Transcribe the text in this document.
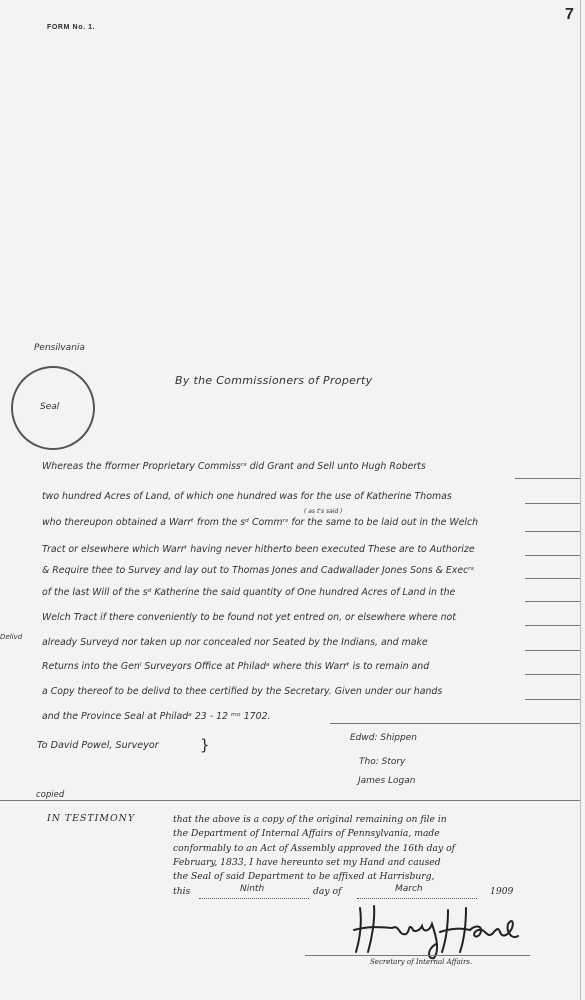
FORM No. 1.
7
Pensilvania
Seal
By the Commissioners of Property
Whereas the fformer Proprietary Commissʳˢ did Grant and Sell unto Hugh Roberts
two hundred Acres of Land, of which one hundred was for the use of Katherine Thomas
( as t's said )
who thereupon obtained a Warrᵗ from the sᵈ Commʳˢ for the same to be laid out in the Welch
Tract or elsewhere which Warrᵗ having never hitherto been executed These are to Authorize
& Require thee to Survey and lay out to Thomas Jones and Cadwallader Jones Sons & Execʳˢ
of the last Will of the sᵈ Katherine the said quantity of One hundred Acres of Land in the
Welch Tract if there conveniently to be found not yet entred on, or elsewhere where not
already Surveyd nor taken up nor concealed nor Seated by the Indians, and make
Returns into the Genˡ Surveyors Office at Philadᵃ where this Warrᵗ is to remain and
a Copy thereof to be delivd to thee certified by the Secretary. Given under our hands
and the Province Seal at Philadᵃ 23 - 12 ᵐᵒ 1702.
Delivd
To David Powel, Surveyor	}	Edwd: Shippen
Tho: Story
James Logan
copied
IN TESTIMONY	that the above is a copy of the original remaining on file in
the Department of Internal Affairs of Pennsylvania, made
conformably to an Act of Assembly approved the 16th day of
February, 1833, I have hereunto set my Hand and caused
the Seal of said Department to be affixed at Harrisburg,
this	Ninth	day of	March	1909
Secretary of Internal Affairs.
